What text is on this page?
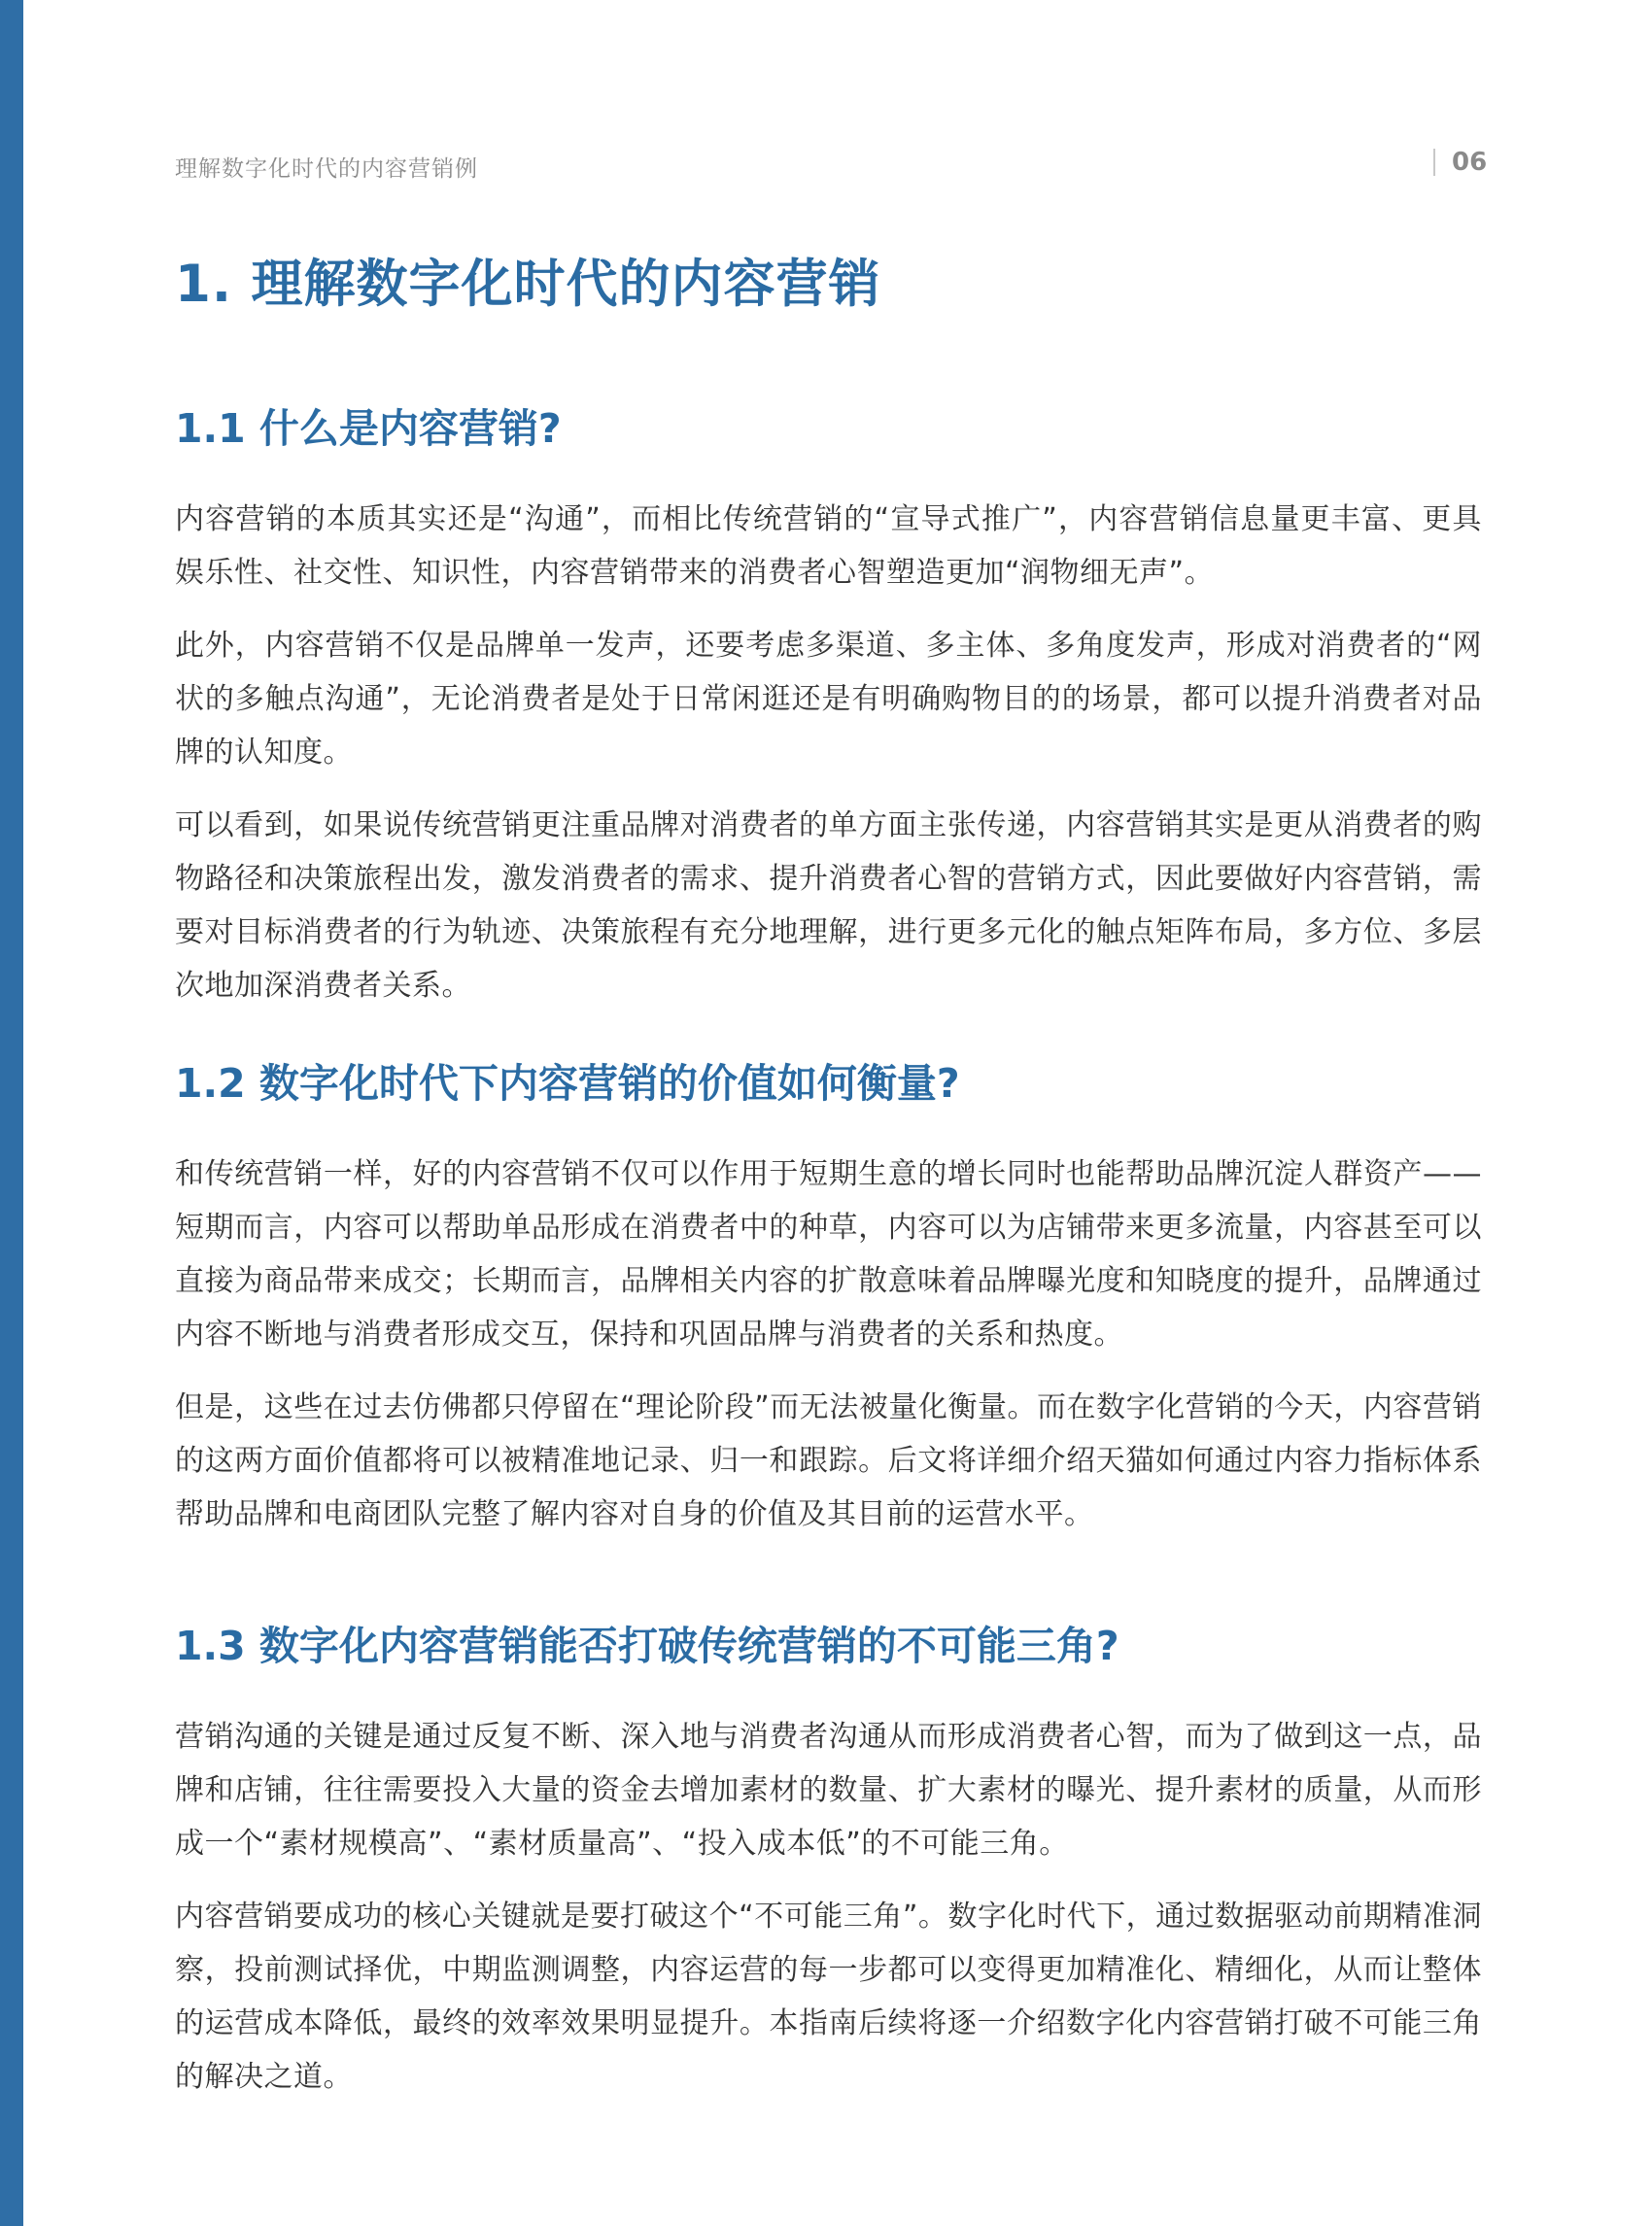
理解数字化时代的内容营销例	06
1. 理解数字化时代的内容营销
1.1 什么是内容营销?

内容营销的本质其实还是“沟通”，而相比传统营销的“宣导式推广”，内容营销信息量更丰富、更具娱乐性、社交性、知识性，内容营销带来的消费者心智塑造更加“润物细无声”。

此外，内容营销不仅是品牌单一发声，还要考虑多渠道、多主体、多角度发声，形成对消费者的“网状的多触点沟通”，无论消费者是处于日常闲逛还是有明确购物目的的场景，都可以提升消费者对品牌的认知度。

可以看到，如果说传统营销更注重品牌对消费者的单方面主张传递，内容营销其实是更从消费者的购物路径和决策旅程出发，激发消费者的需求、提升消费者心智的营销方式，因此要做好内容营销，需要对目标消费者的行为轨迹、决策旅程有充分地理解，进行更多元化的触点矩阵布局，多方位、多层次地加深消费者关系。

1.2 数字化时代下内容营销的价值如何衡量?

和传统营销一样，好的内容营销不仅可以作用于短期生意的增长同时也能帮助品牌沉淀人群资产——短期而言，内容可以帮助单品形成在消费者中的种草，内容可以为店铺带来更多流量，内容甚至可以直接为商品带来成交；长期而言，品牌相关内容的扩散意味着品牌曝光度和知晓度的提升，品牌通过内容不断地与消费者形成交互，保持和巩固品牌与消费者的关系和热度。

但是，这些在过去仿佛都只停留在“理论阶段”而无法被量化衡量。而在数字化营销的今天，内容营销的这两方面价值都将可以被精准地记录、归一和跟踪。后文将详细介绍天猫如何通过内容力指标体系帮助品牌和电商团队完整了解内容对自身的价值及其目前的运营水平。

1.3 数字化内容营销能否打破传统营销的不可能三角?

营销沟通的关键是通过反复不断、深入地与消费者沟通从而形成消费者心智，而为了做到这一点，品牌和店铺，往往需要投入大量的资金去增加素材的数量、扩大素材的曝光、提升素材的质量，从而形成一个“素材规模高”、“素材质量高”、“投入成本低”的不可能三角。

内容营销要成功的核心关键就是要打破这个“不可能三角”。数字化时代下，通过数据驱动前期精准洞察，投前测试择优，中期监测调整，内容运营的每一步都可以变得更加精准化、精细化，从而让整体的运营成本降低，最终的效率效果明显提升。本指南后续将逐一介绍数字化内容营销打破不可能三角的解决之道。
